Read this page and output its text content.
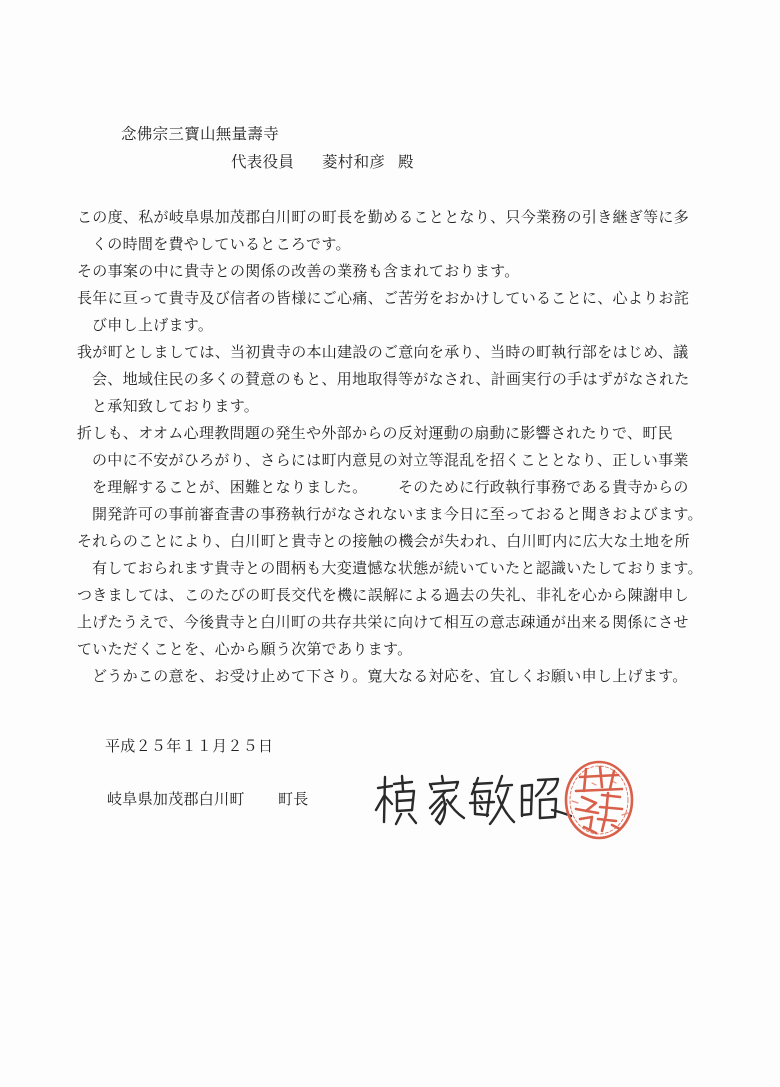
念佛宗三寶山無量壽寺
代表役員 菱村和彦 殿
この度、私が岐阜県加茂郡白川町の町長を勤めることとなり、只今業務の引き継ぎ等に多
くの時間を費やしているところです。
その事案の中に貴寺との関係の改善の業務も含まれております。
長年に亘って貴寺及び信者の皆様にご心痛、ご苦労をおかけしていることに、心よりお詫
び申し上げます。
我が町としましては、当初貴寺の本山建設のご意向を承り、当時の町執行部をはじめ、議
会、地域住民の多くの賛意のもと、用地取得等がなされ、計画実行の手はずがなされた
と承知致しております。
折しも、オオム心理教問題の発生や外部からの反対運動の扇動に影響されたりで、町民
の中に不安がひろがり、さらには町内意見の対立等混乱を招くこととなり、正しい事業
を理解することが、困難となりました。 そのために行政執行事務である貴寺からの
開発許可の事前審査書の事務執行がなされないまま今日に至っておると聞きおよびます。
それらのことにより、白川町と貴寺との接触の機会が失われ、白川町内に広大な土地を所
有しておられます貴寺との間柄も大変遺憾な状態が続いていたと認識いたしております。
つきましては、このたびの町長交代を機に誤解による過去の失礼、非礼を心から陳謝申し
上げたうえで、今後貴寺と白川町の共存共栄に向けて相互の意志疎通が出来る関係にさせ
ていただくことを、心から願う次第であります。
どうかこの意を、お受け止めて下さり。寛大なる対応を、宜しくお願い申し上げます。
平成２５年１１月２５日
岐阜県加茂郡白川町 町長
